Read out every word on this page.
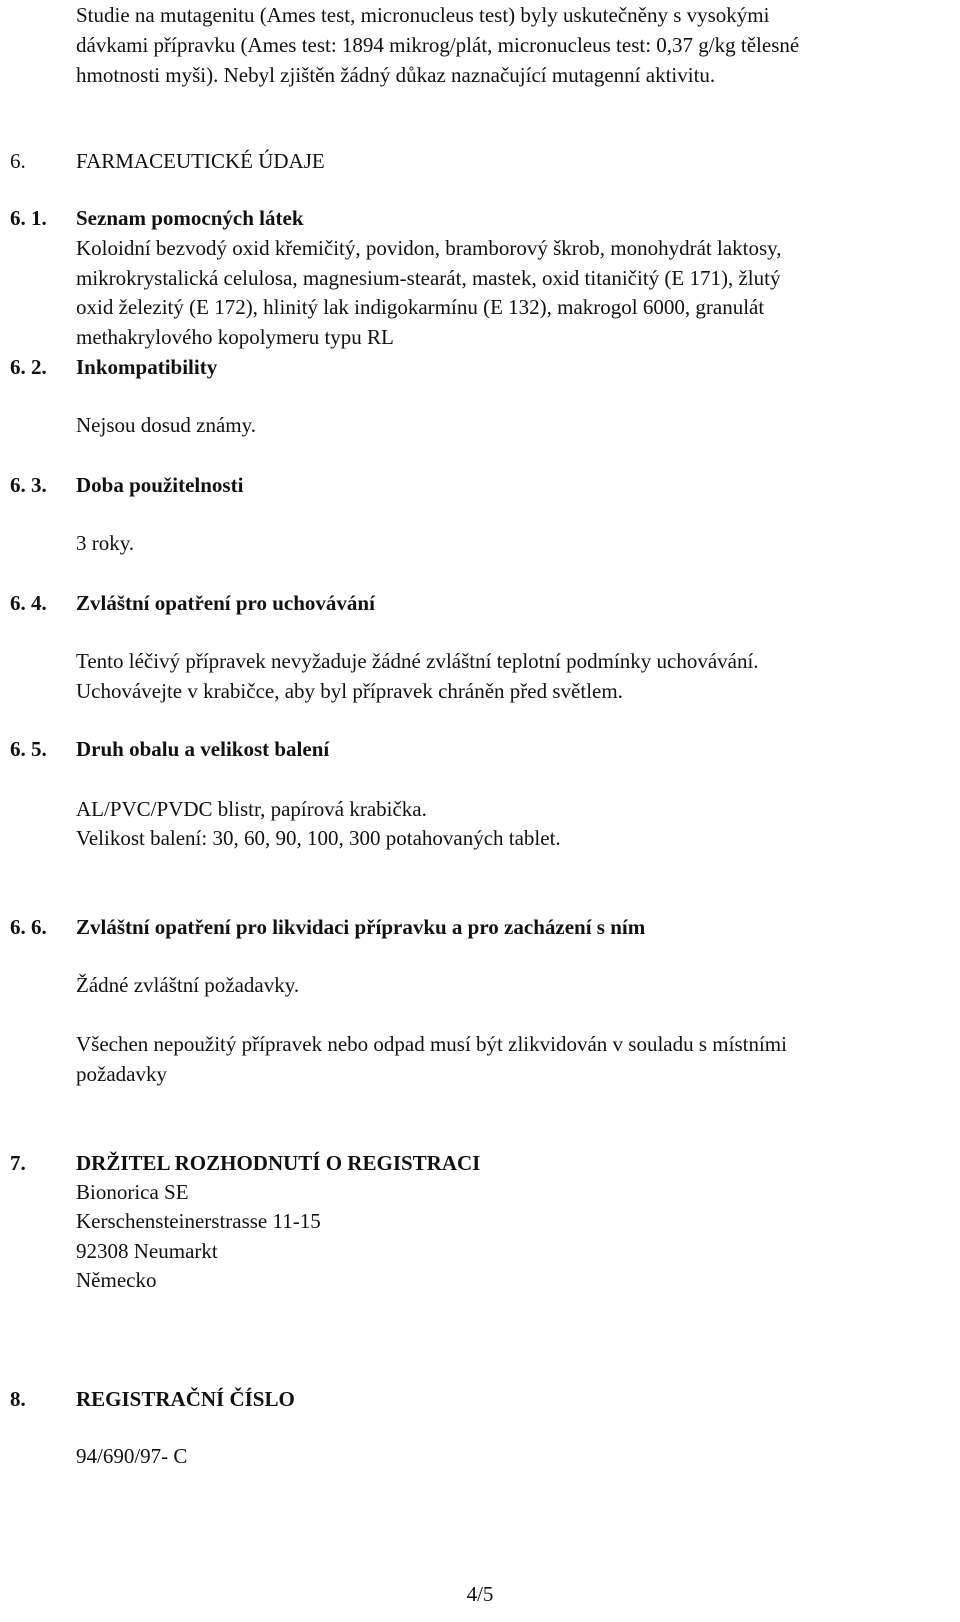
Studie na mutagenitu (Ames test, micronucleus test) byly uskutečněny s vysokými
dávkami přípravku (Ames test: 1894 mikrog/plát, micronucleus test: 0,37 g/kg tělesné
hmotnosti myši). Nebyl zjištěn žádný důkaz naznačující mutagenní aktivitu.
6. FARMACEUTICKÉ ÚDAJE
6. 1. Seznam pomocných látek
Koloidní bezvodý oxid křemičitý, povidon, bramborový škrob, monohydrát laktosy,
mikrokrystalická celulosa, magnesium-stearát, mastek, oxid titaničitý (E 171), žlutý
oxid železitý (E 172), hlinitý lak indigokarmínu (E 132), makrogol 6000, granulát
methakrylového kopolymeru typu RL
6. 2. Inkompatibility
Nejsou dosud známy.
6. 3. Doba použitelnosti
3 roky.
6. 4. Zvláštní opatření pro uchovávání
Tento léčivý přípravek nevyžaduje žádné zvláštní teplotní podmínky uchovávání.
Uchovávejte v krabičce, aby byl přípravek chráněn před světlem.
6. 5. Druh obalu a velikost balení
AL/PVC/PVDC blistr, papírová krabička.
Velikost balení: 30, 60, 90, 100, 300 potahovaných tablet.
6. 6. Zvláštní opatření pro likvidaci přípravku a pro zacházení s ním
Žádné zvláštní požadavky.
Všechen nepoužitý přípravek nebo odpad musí být zlikvidován v souladu s místními
požadavky
7. DRŽITEL ROZHODNUTÍ O REGISTRACI
Bionorica SE
Kerschensteinerstrasse 11-15
92308 Neumarkt
Německo
8. REGISTRAČNÍ ČÍSLO
94/690/97- C
4/5
